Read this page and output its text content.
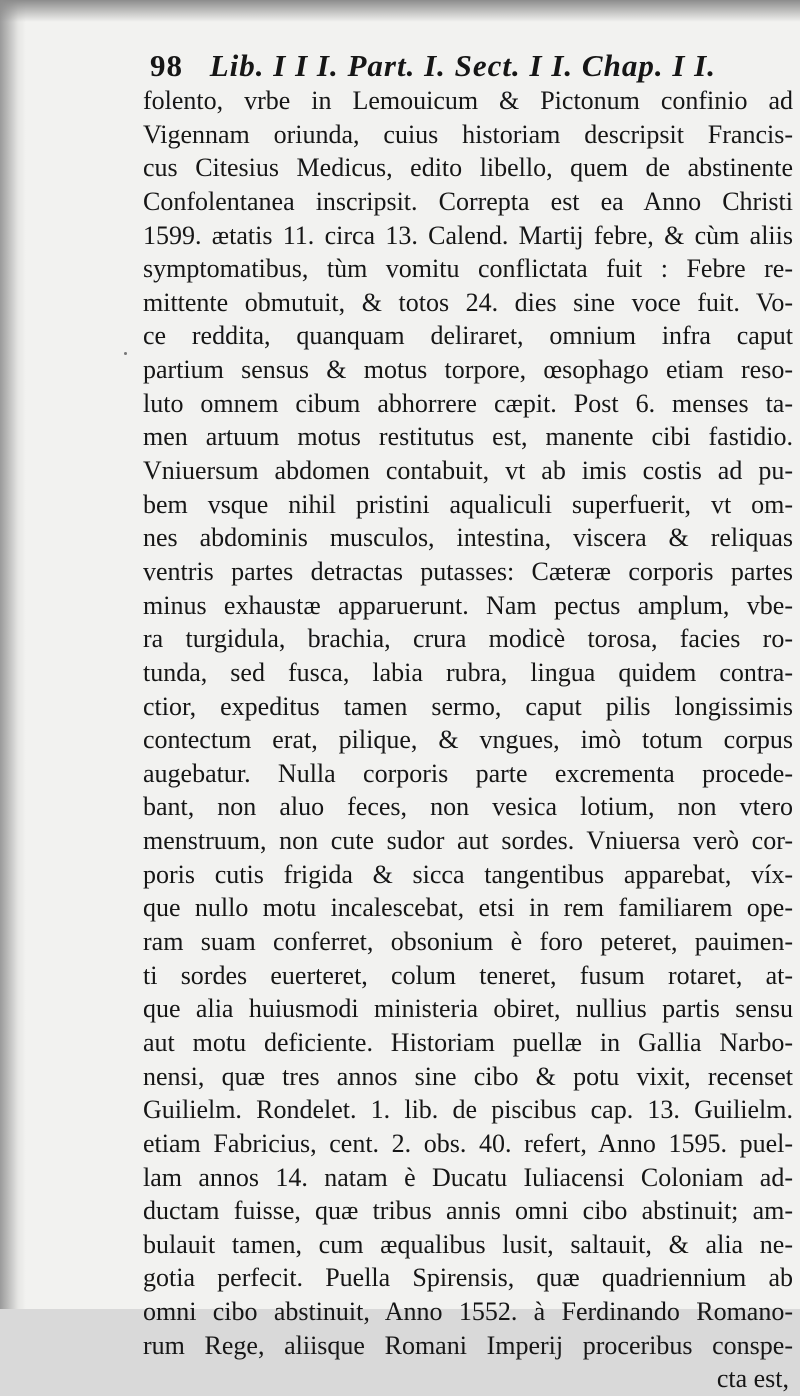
98 Lib. I I I. Part. I. Sect. I I. Chap. I I.
folento, vrbe in Lemouicum & Pictonum confinio ad
Vigennam oriunda, cuius historiam descripsit Francis-
cus Citesius Medicus, edito libello, quem de abstinente
Confolentanea inscripsit. Correpta est ea Anno Christi
1599. ætatis 11. circa 13. Calend. Martij febre, & cùm aliis
symptomatibus, tùm vomitu conflictata fuit : Febre re-
mittente obmutuit, & totos 24. dies sine voce fuit. Vo-
ce reddita, quanquam deliraret, omnium infra caput
partium sensus & motus torpore, œsophago etiam reso-
luto omnem cibum abhorrere cæpit. Post 6. menses ta-
men artuum motus restitutus est, manente cibi fastidio.
Vniuersum abdomen contabuit, vt ab imis costis ad pu-
bem vsque nihil pristini aqualiculi superfuerit, vt om-
nes abdominis musculos, intestina, viscera & reliquas
ventris partes detractas putasses: Cæteræ corporis partes
minus exhaustæ apparuerunt. Nam pectus amplum, vbe-
ra turgidula, brachia, crura modicè torosa, facies ro-
tunda, sed fusca, labia rubra, lingua quidem contra-
ctior, expeditus tamen sermo, caput pilis longissimis
contectum erat, pilique, & vngues, imò totum corpus
augebatur. Nulla corporis parte excrementa procede-
bant, non aluo feces, non vesica lotium, non vtero
menstruum, non cute sudor aut sordes. Vniuersa verò cor-
poris cutis frigida & sicca tangentibus apparebat, víx-
que nullo motu incalescebat, etsi in rem familiarem ope-
ram suam conferret, obsonium è foro peteret, pauimen-
ti sordes euerteret, colum teneret, fusum rotaret, at-
que alia huiusmodi ministeria obiret, nullius partis sensu
aut motu deficiente. Historiam puellæ in Gallia Narbo-
nensi, quæ tres annos sine cibo & potu vixit, recenset
Guilielm. Rondelet. 1. lib. de piscibus cap. 13. Guilielm.
etiam Fabricius, cent. 2. obs. 40. refert, Anno 1595. puel-
lam annos 14. natam è Ducatu Iuliacensi Coloniam ad-
ductam fuisse, quæ tribus annis omni cibo abstinuit; am-
bulauit tamen, cum æqualibus lusit, saltauit, & alia ne-
gotia perfecit. Puella Spirensis, quæ quadriennium ab
omni cibo abstinuit, Anno 1552. à Ferdinando Romano-
rum Rege, aliisque Romani Imperij proceribus conspe-
cta est,
